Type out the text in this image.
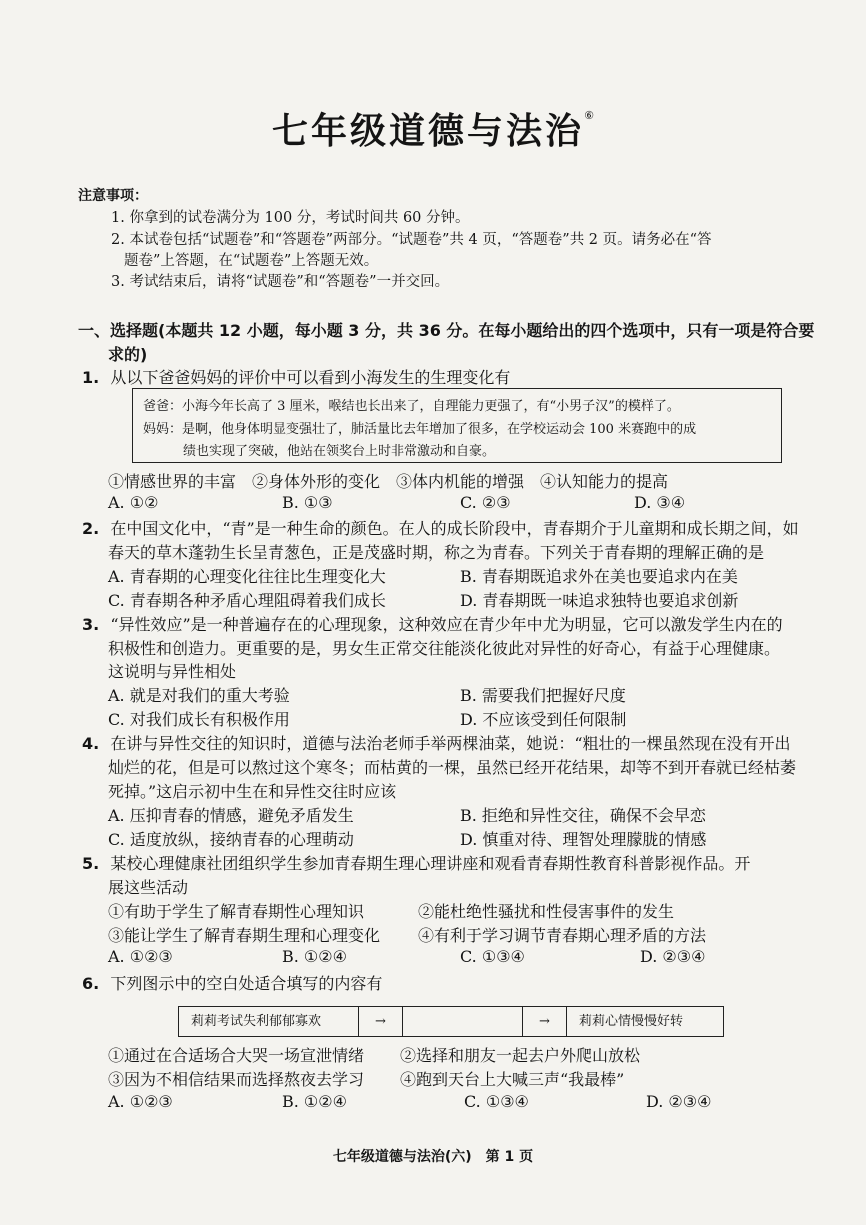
七年级道德与法治⑥
注意事项：
1. 你拿到的试卷满分为 100 分，考试时间共 60 分钟。
2. 本试卷包括“试题卷”和“答题卷”两部分。“试题卷”共 4 页，“答题卷”共 2 页。请务必在“答
题卷”上答题，在“试题卷”上答题无效。
3. 考试结束后，请将“试题卷”和“答题卷”一并交回。
一、选择题(本题共 12 小题，每小题 3 分，共 36 分。在每小题给出的四个选项中，只有一项是符合要
求的)
1. 从以下爸爸妈妈的评价中可以看到小海发生的生理变化有
爸爸：小海今年长高了 3 厘米，喉结也长出来了，自理能力更强了，有“小男子汉”的模样了。
妈妈：是啊，他身体明显变强壮了，肺活量比去年增加了很多，在学校运动会 100 米赛跑中的成
绩也实现了突破，他站在领奖台上时非常激动和自豪。
①情感世界的丰富　②身体外形的变化　③体内机能的增强　④认知能力的提高
A. ①②	B. ①③	C. ②③	D. ③④
2. 在中国文化中，“青”是一种生命的颜色。在人的成长阶段中，青春期介于儿童期和成长期之间，如
春天的草木蓬勃生长呈青葱色，正是茂盛时期，称之为青春。下列关于青春期的理解正确的是
A. 青春期的心理变化往往比生理变化大	B. 青春期既追求外在美也要追求内在美
C. 青春期各种矛盾心理阻碍着我们成长	D. 青春期既一味追求独特也要追求创新
3. “异性效应”是一种普遍存在的心理现象，这种效应在青少年中尤为明显，它可以激发学生内在的
积极性和创造力。更重要的是，男女生正常交往能淡化彼此对异性的好奇心，有益于心理健康。
这说明与异性相处
A. 就是对我们的重大考验	B. 需要我们把握好尺度
C. 对我们成长有积极作用	D. 不应该受到任何限制
4. 在讲与异性交往的知识时，道德与法治老师手举两棵油菜，她说：“粗壮的一棵虽然现在没有开出
灿烂的花，但是可以熬过这个寒冬；而枯黄的一棵，虽然已经开花结果，却等不到开春就已经枯萎
死掉。”这启示初中生在和异性交往时应该
A. 压抑青春的情感，避免矛盾发生	B. 拒绝和异性交往，确保不会早恋
C. 适度放纵，接纳青春的心理萌动	D. 慎重对待、理智处理朦胧的情感
5. 某校心理健康社团组织学生参加青春期生理心理讲座和观看青春期性教育科普影视作品。开
展这些活动
①有助于学生了解青春期性心理知识	②能杜绝性骚扰和性侵害事件的发生
③能让学生了解青春期生理和心理变化 ④有利于学习调节青春期心理矛盾的方法
A. ①②③	B. ①②④	C. ①③④	D. ②③④
6. 下列图示中的空白处适合填写的内容有
莉莉考试失利郁郁寡欢	→	→	莉莉心情慢慢好转
①通过在合适场合大哭一场宣泄情绪 ②选择和朋友一起去户外爬山放松
③因为不相信结果而选择熬夜去学习 ④跑到天台上大喊三声“我最棒”
A. ①②③	B. ①②④	C. ①③④	D. ②③④
七年级道德与法治(六)　第 1 页
